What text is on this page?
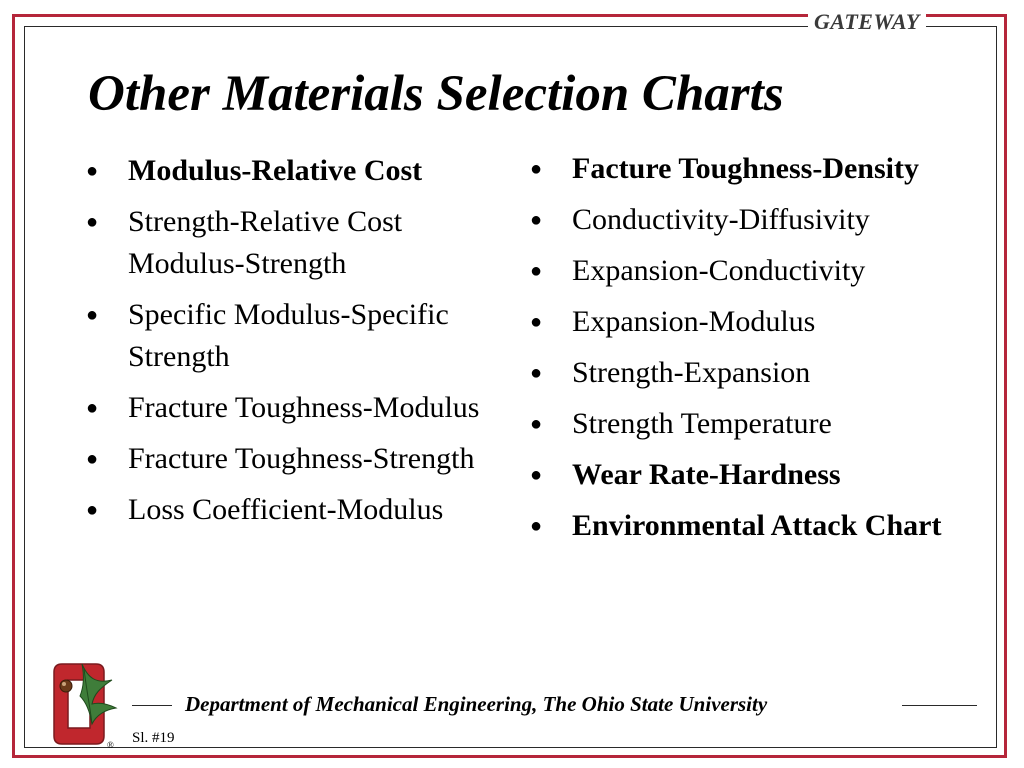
GATEWAY
Other Materials Selection Charts
● Modulus-Relative Cost
● Strength-Relative Cost Modulus-Strength
● Specific Modulus-Specific Strength
● Fracture Toughness-Modulus
● Fracture Toughness-Strength
● Loss Coefficient-Modulus
● Facture Toughness-Density
● Conductivity-Diffusivity
● Expansion-Conductivity
● Expansion-Modulus
● Strength-Expansion
● Strength Temperature
● Wear Rate-Hardness
● Environmental Attack Chart
®
Department of Mechanical Engineering, The Ohio State University
Sl. #19
